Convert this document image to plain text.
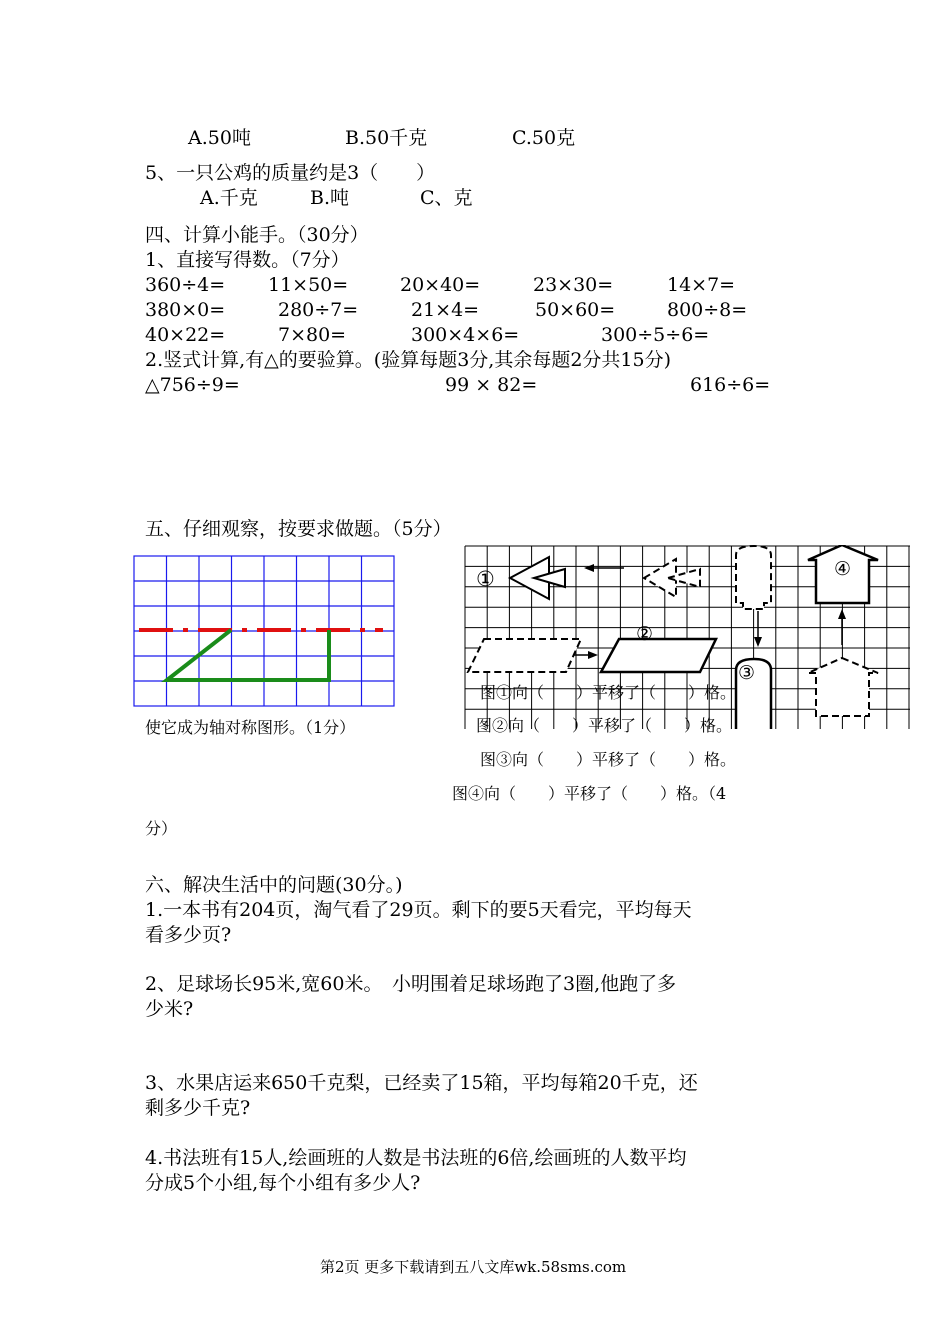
A.50吨	B.50千克	C.50克
5、一只公鸡的质量约是3（　　）
A.千克	B.吨	C、克
四、计算小能手。（30分）
1、直接写得数。（7分）
360÷4= 11×50=	20×40=	23×30=	14×7=
380×0=	280÷7=	21×4=	50×60=	800÷8=
40×22=	7×80=	300×4×6=	300÷5÷6=
2.竖式计算,有△的要验算。(验算每题3分,其余每题2分共15分)
△756÷9=	99 × 82=	616÷6=
五、仔细观察，按要求做题。（5分）
使它成为轴对称图形。（1分）
①
②
③
④
图①向（　　）平移了（　　）格。
图②向（　　）平移了（　　）格。
图③向（　　）平移了（　　）格。
图④向（　　）平移了（　　）格。（4
分）
六、解决生活中的问题(30分。)
1.一本书有204页，淘气看了29页。剩下的要5天看完，平均每天
看多少页?
2、足球场长95米,宽60米。　小明围着足球场跑了3圈,他跑了多
少米?
3、水果店运来650千克梨，已经卖了15箱，平均每箱20千克，还
剩多少千克?
4.书法班有15人,绘画班的人数是书法班的6倍,绘画班的人数平均
分成5个小组,每个小组有多少人?
第2页 更多下载请到五八文库wk.58sms.com
